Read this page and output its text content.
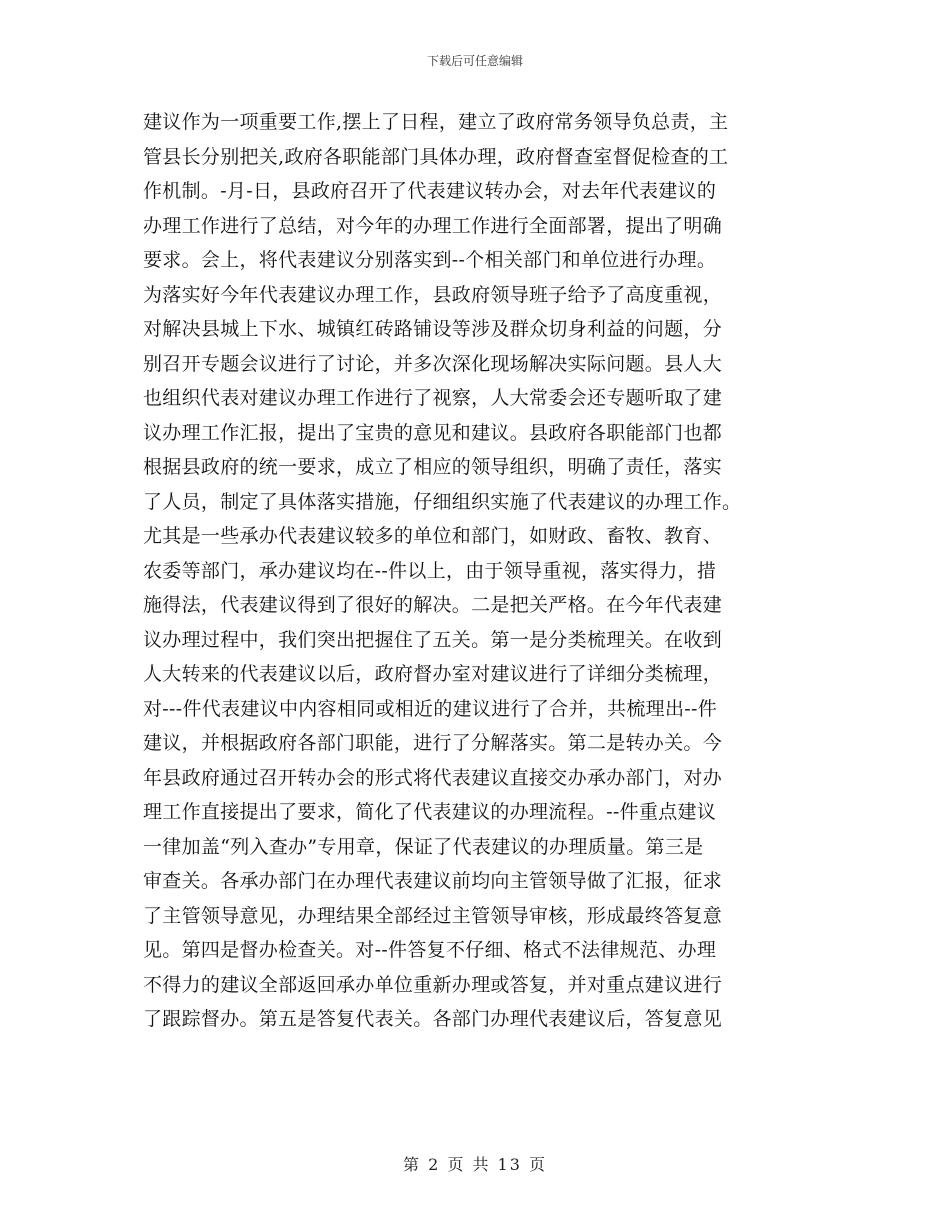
下载后可任意编辑
建议作为一项重要工作,摆上了日程，建立了政府常务领导负总责，主
管县长分别把关,政府各职能部门具体办理，政府督查室督促检查的工
作机制。-月-日，县政府召开了代表建议转办会，对去年代表建议的
办理工作进行了总结，对今年的办理工作进行全面部署，提出了明确
要求。会上，将代表建议分别落实到--个相关部门和单位进行办理。
为落实好今年代表建议办理工作，县政府领导班子给予了高度重视，
对解决县城上下水、城镇红砖路铺设等涉及群众切身利益的问题，分
别召开专题会议进行了讨论，并多次深化现场解决实际问题。县人大
也组织代表对建议办理工作进行了视察，人大常委会还专题听取了建
议办理工作汇报，提出了宝贵的意见和建议。县政府各职能部门也都
根据县政府的统一要求，成立了相应的领导组织，明确了责任，落实
了人员，制定了具体落实措施，仔细组织实施了代表建议的办理工作。
尤其是一些承办代表建议较多的单位和部门，如财政、畜牧、教育、
农委等部门，承办建议均在--件以上，由于领导重视，落实得力，措
施得法，代表建议得到了很好的解决。二是把关严格。在今年代表建
议办理过程中，我们突出把握住了五关。第一是分类梳理关。在收到
人大转来的代表建议以后，政府督办室对建议进行了详细分类梳理，
对---件代表建议中内容相同或相近的建议进行了合并，共梳理出--件
建议，并根据政府各部门职能，进行了分解落实。第二是转办关。今
年县政府通过召开转办会的形式将代表建议直接交办承办部门，对办
理工作直接提出了要求，简化了代表建议的办理流程。--件重点建议
一律加盖“列入查办”专用章，保证了代表建议的办理质量。第三是
审查关。各承办部门在办理代表建议前均向主管领导做了汇报，征求
了主管领导意见，办理结果全部经过主管领导审核，形成最终答复意
见。第四是督办检查关。对--件答复不仔细、格式不法律规范、办理
不得力的建议全部返回承办单位重新办理或答复，并对重点建议进行
了跟踪督办。第五是答复代表关。各部门办理代表建议后，答复意见
第 2 页 共 13 页
